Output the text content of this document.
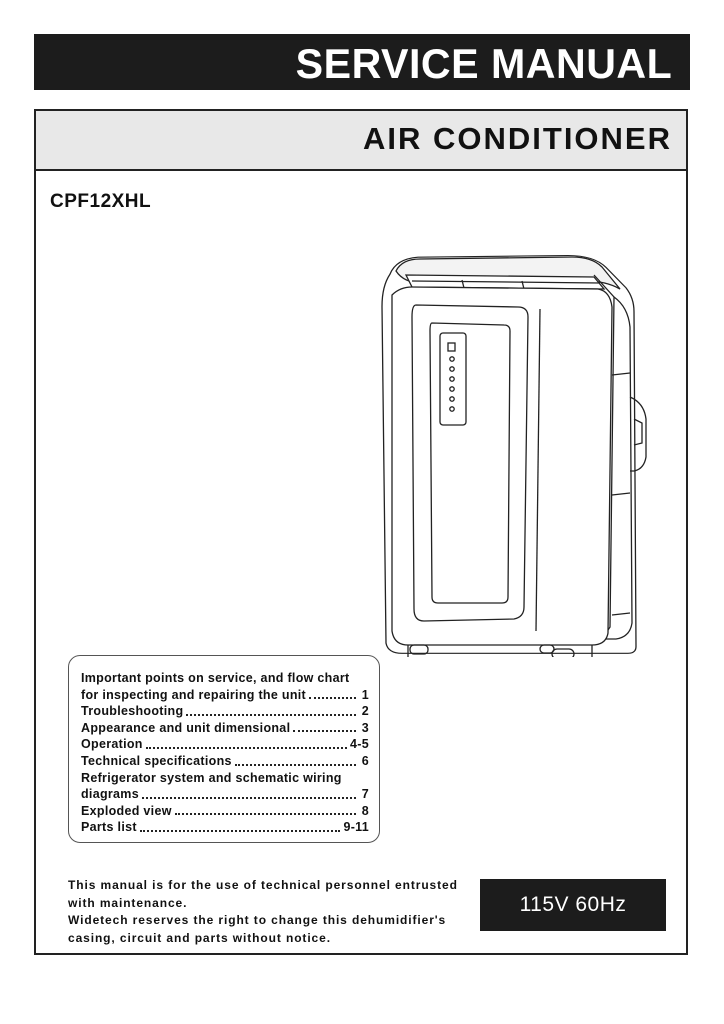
SERVICE MANUAL
AIR CONDITIONER
CPF12XHL
Important points on service, and flow chart
for inspecting and repairing the unit	1
Troubleshooting	2
Appearance and unit dimensional	3
Operation	4-5
Technical specifications	6
Refrigerator system and schematic wiring
diagrams	7
Exploded view	8
Parts list	9-11

This manual is for the use of technical personnel entrusted

with maintenance.

Widetech reserves the right to change this dehumidifier's

casing, circuit and parts without notice.

115V 60Hz
